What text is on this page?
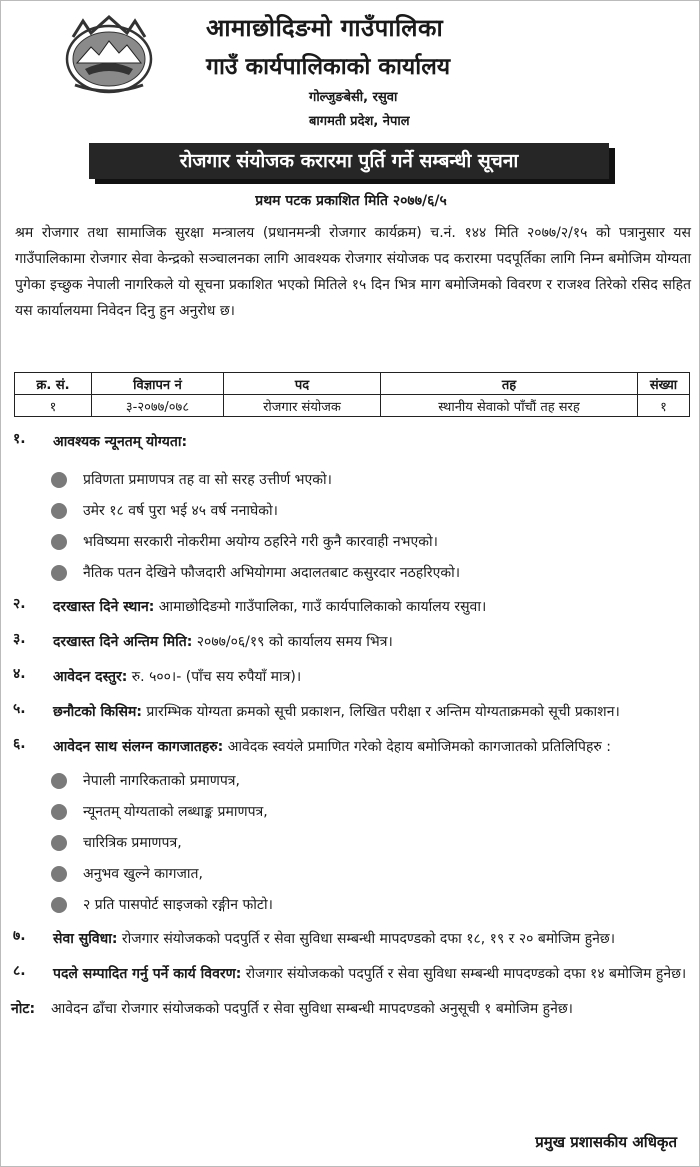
आमाछोदिङमो गाउँपालिका
गाउँ कार्यपालिकाको कार्यालय
गोल्जुङबेसी, रसुवा
बागमती प्रदेश, नेपाल
रोजगार संयोजक करारमा पुर्ति गर्ने सम्बन्धी सूचना
प्रथम पटक प्रकाशित मिति २०७७/६/५
श्रम रोजगार तथा सामाजिक सुरक्षा मन्त्रालय (प्रधानमन्त्री रोजगार कार्यक्रम) च.नं. १४४ मिति २०७७/२/१५ को पत्रानुसार यस गाउँपालिकामा रोजगार सेवा केन्द्रको सञ्चालनका लागि आवश्यक रोजगार संयोजक पद करारमा पदपूर्तिका लागि निम्न बमोजिम योग्यता पुगेका इच्छुक नेपाली नागरिकले यो सूचना प्रकाशित भएको मितिले १५ दिन भित्र माग बमोजिमको विवरण र राजश्व तिरेको रसिद सहित यस कार्यालयमा निवेदन दिनु हुन अनुरोध छ।
क्र. सं.	विज्ञापन नं	पद	तह	संख्या
१	३-२०७७/०७८	रोजगार संयोजक	स्थानीय सेवाको पाँचौं तह सरह	१
१.	आवश्यक न्यूनतम् योग्यता:
प्रविणता प्रमाणपत्र तह वा सो सरह उत्तीर्ण भएको।
उमेर १८ वर्ष पुरा भई ४५ वर्ष ननाघेको।
भविष्यमा सरकारी नोकरीमा अयोग्य ठहरिने गरी कुनै कारवाही नभएको।
नैतिक पतन देखिने फौजदारी अभियोगमा अदालतबाट कसुरदार नठहरिएको।
२.	दरखास्त दिने स्थान: आमाछोदिङमो गाउँपालिका, गाउँ कार्यपालिकाको कार्यालय रसुवा।
३.	दरखास्त दिने अन्तिम मिति: २०७७/०६/१९ को कार्यालय समय भित्र।
४.	आवेदन दस्तुर: रु. ५००।- (पाँच सय रुपैयाँ मात्र)।
५.	छनौटको किसिम: प्रारम्भिक योग्यता क्रमको सूची प्रकाशन, लिखित परीक्षा र अन्तिम योग्यताक्रमको सूची प्रकाशन।
६.	आवेदन साथ संलग्न कागजातहरु: आवेदक स्वयंले प्रमाणित गरेको देहाय बमोजिमको कागजातको प्रतिलिपिहरु :
नेपाली नागरिकताको प्रमाणपत्र,
न्यूनतम् योग्यताको लब्धाङ्क प्रमाणपत्र,
चारित्रिक प्रमाणपत्र,
अनुभव खुल्ने कागजात,
२ प्रति पासपोर्ट साइजको रङ्गीन फोटो।
७.	सेवा सुविधा: रोजगार संयोजकको पदपुर्ति र सेवा सुविधा सम्बन्धी मापदण्डको दफा १८, १९ र २० बमोजिम हुनेछ।
८.	पदले सम्पादित गर्नु पर्ने कार्य विवरण: रोजगार संयोजकको पदपुर्ति र सेवा सुविधा सम्बन्धी मापदण्डको दफा १४ बमोजिम हुनेछ।
नोट:	आवेदन ढाँचा रोजगार संयोजकको पदपुर्ति र सेवा सुविधा सम्बन्धी मापदण्डको अनुसूची १ बमोजिम हुनेछ।
प्रमुख प्रशासकीय अधिकृत
